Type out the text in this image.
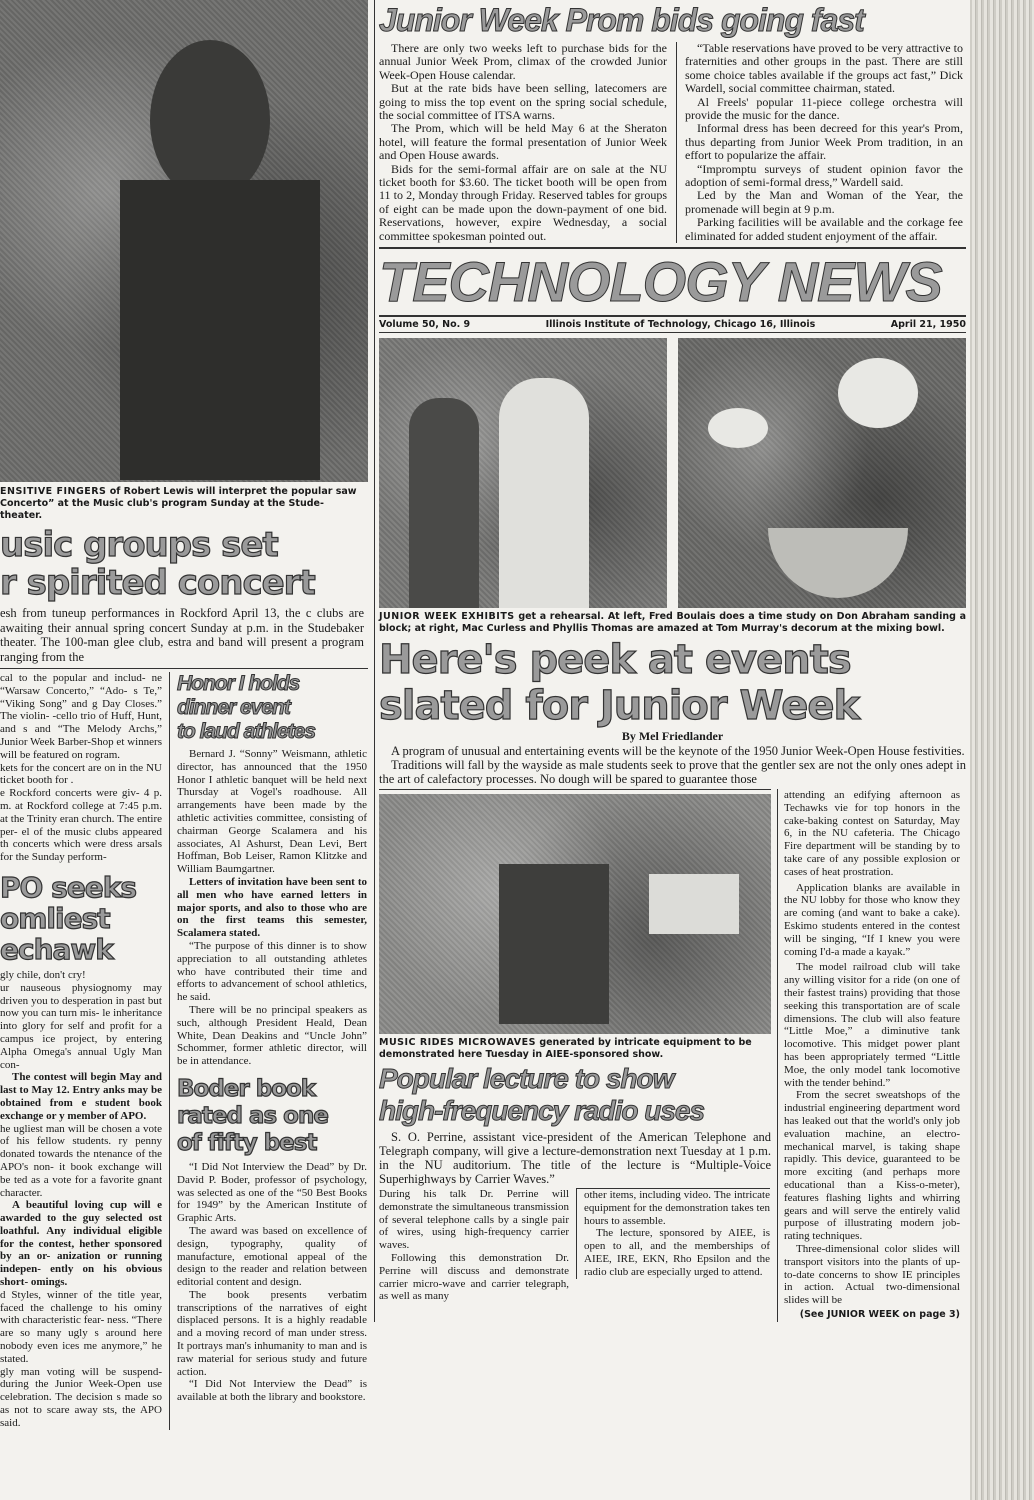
ENSITIVE FINGERS of Robert Lewis will interpret the popular saw Concerto” at the Music club's program Sunday at the Stude- theater.
usic groups set
r spirited concert

esh from tuneup performances in Rockford April 13, the c clubs are awaiting their annual spring concert Sunday at p.m. in the Studebaker theater. The 100-man glee club, estra and band will present a program ranging from the

cal to the popular and includ- ne “Warsaw Concerto,” “Ado- s Te,” “Viking Song” and g Day Closes.” The violin- -cello trio of Huff, Hunt, and s and “The Melody Archs,” Junior Week Barber-Shop et winners will be featured on rogram.

kets for the concert are on in the NU ticket booth for .

e Rockford concerts were giv- 4 p. m. at Rockford college at 7:45 p.m. at the Trinity eran church. The entire per- el of the music clubs appeared th concerts which were dress arsals for the Sunday perform-

PO seeks
omliest
echawk

gly chile, don't cry!

ur nauseous physiognomy may driven you to desperation in past but now you can turn mis- le inheritance into glory for self and profit for a campus ice project, by entering Alpha Omega's annual Ugly Man con-

The contest will begin May and last to May 12. Entry anks may be obtained from e student book exchange or y member of APO.

he ugliest man will be chosen a vote of his fellow students. ry penny donated towards the ntenance of the APO's non- it book exchange will be ted as a vote for a favorite gnant character.

A beautiful loving cup will e awarded to the guy selected ost loathful. Any individual eligible for the contest, hether sponsored by an or- anization or running indepen- ently on his obvious short- omings.

d Styles, winner of the title year, faced the challenge to his ominy with characteristic fear- ness. “There are so many ugly s around here nobody even ices me anymore,” he stated.

gly man voting will be suspend- during the Junior Week-Open use celebration. The decision s made so as not to scare away sts, the APO said.

Honor I holds
dinner event
to laud athletes

Bernard J. “Sonny” Weismann, athletic director, has announced that the 1950 Honor I athletic banquet will be held next Thursday at Vogel's roadhouse. All arrangements have been made by the athletic activities committee, consisting of chairman George Scalamera and his associates, Al Ashurst, Dean Levi, Bert Hoffman, Bob Leiser, Ramon Klitzke and William Baumgartner.

Letters of invitation have been sent to all men who have earned letters in major sports, and also to those who are on the first teams this semester, Scalamera stated.

“The purpose of this dinner is to show appreciation to all outstanding athletes who have contributed their time and efforts to advancement of school athletics, he said.

There will be no principal speakers as such, although President Heald, Dean White, Dean Deakins and “Uncle John” Schommer, former athletic director, will be in attendance.

Boder book
rated as one
of fifty best

“I Did Not Interview the Dead” by Dr. David P. Boder, professor of psychology, was selected as one of the “50 Best Books for 1949” by the American Institute of Graphic Arts.

The award was based on excellence of design, typography, quality of manufacture, emotional appeal of the design to the reader and relation between editorial content and design.

The book presents verbatim transcriptions of the narratives of eight displaced persons. It is a highly readable and a moving record of man under stress. It portrays man's inhumanity to man and is raw material for serious study and future action.

“I Did Not Interview the Dead” is available at both the library and bookstore.

Junior Week Prom bids going fast

There are only two weeks left to purchase bids for the annual Junior Week Prom, climax of the crowded Junior Week-Open House calendar.

But at the rate bids have been selling, latecomers are going to miss the top event on the spring social schedule, the social committee of ITSA warns.

The Prom, which will be held May 6 at the Sheraton hotel, will feature the formal presentation of Junior Week and Open House awards.

Bids for the semi-formal affair are on sale at the NU ticket booth for $3.60. The ticket booth will be open from 11 to 2, Monday through Friday. Reserved tables for groups of eight can be made upon the down-payment of one bid. Reservations, however, expire Wednesday, a social committee spokesman pointed out.

“Table reservations have proved to be very attractive to fraternities and other groups in the past. There are still some choice tables available if the groups act fast,” Dick Wardell, social committee chairman, stated.

Al Freels' popular 11-piece college orchestra will provide the music for the dance.

Informal dress has been decreed for this year's Prom, thus departing from Junior Week Prom tradition, in an effort to popularize the affair.

“Impromptu surveys of student opinion favor the adoption of semi-formal dress,” Wardell said.

Led by the Man and Woman of the Year, the promenade will begin at 9 p.m.

Parking facilities will be available and the corkage fee eliminated for added student enjoyment of the affair.

TECHNOLOGY NEWS
Volume 50, No. 9	Illinois Institute of Technology, Chicago 16, Illinois	April 21, 1950
JUNIOR WEEK EXHIBITS get a rehearsal. At left, Fred Boulais does a time study on Don Abraham sanding a block; at right, Mac Curless and Phyllis Thomas are amazed at Tom Murray's decorum at the mixing bowl.
Here's peek at events
slated for Junior Week
By Mel Friedlander

A program of unusual and entertaining events will be the keynote of the 1950 Junior Week-Open House festivities.

Traditions will fall by the wayside as male students seek to prove that the gentler sex are not the only ones adept in the art of calefactory processes. No dough will be spared to guarantee those

MUSIC RIDES MICROWAVES generated by intricate equipment to be demonstrated here Tuesday in AIEE-sponsored show.
Popular lecture to show
high-frequency radio uses

S. O. Perrine, assistant vice-president of the American Telephone and Telegraph company, will give a lecture-demonstration next Tuesday at 1 p.m. in the NU auditorium. The title of the lecture is “Multiple-Voice Superhighways by Carrier Waves.”

During his talk Dr. Perrine will demonstrate the simultaneous transmission of several telephone calls by a single pair of wires, using high-frequency carrier waves.

Following this demonstration Dr. Perrine will discuss and demonstrate carrier micro-wave and carrier telegraph, as well as many

other items, including video. The intricate equipment for the demonstration takes ten hours to assemble.

The lecture, sponsored by AIEE, is open to all, and the memberships of AIEE, IRE, EKN, Rho Epsilon and the radio club are especially urged to attend.

attending an edifying afternoon as Techawks vie for top honors in the cake-baking contest on Saturday, May 6, in the NU cafeteria. The Chicago Fire department will be standing by to take care of any possible explosion or cases of heat prostration.

Application blanks are available in the NU lobby for those who know they are coming (and want to bake a cake). Eskimo students entered in the contest will be singing, “If I knew you were coming I'd-a made a kayak.”

The model railroad club will take any willing visitor for a ride (on one of their fastest trains) providing that those seeking this transportation are of scale dimensions. The club will also feature “Little Moe,” a diminutive tank locomotive. This midget power plant has been appropriately termed “Little Moe, the only model tank locomotive with the tender behind.”

From the secret sweatshops of the industrial engineering department word has leaked out that the world's only job evaluation machine, an electro-mechanical marvel, is taking shape rapidly. This device, guaranteed to be more exciting (and perhaps more educational than a Kiss-o-meter), features flashing lights and whirring gears and will serve the entirely valid purpose of illustrating modern job-rating techniques.

Three-dimensional color slides will transport visitors into the plants of up-to-date concerns to show IE principles in action. Actual two-dimensional slides will be

(See JUNIOR WEEK on page 3)
